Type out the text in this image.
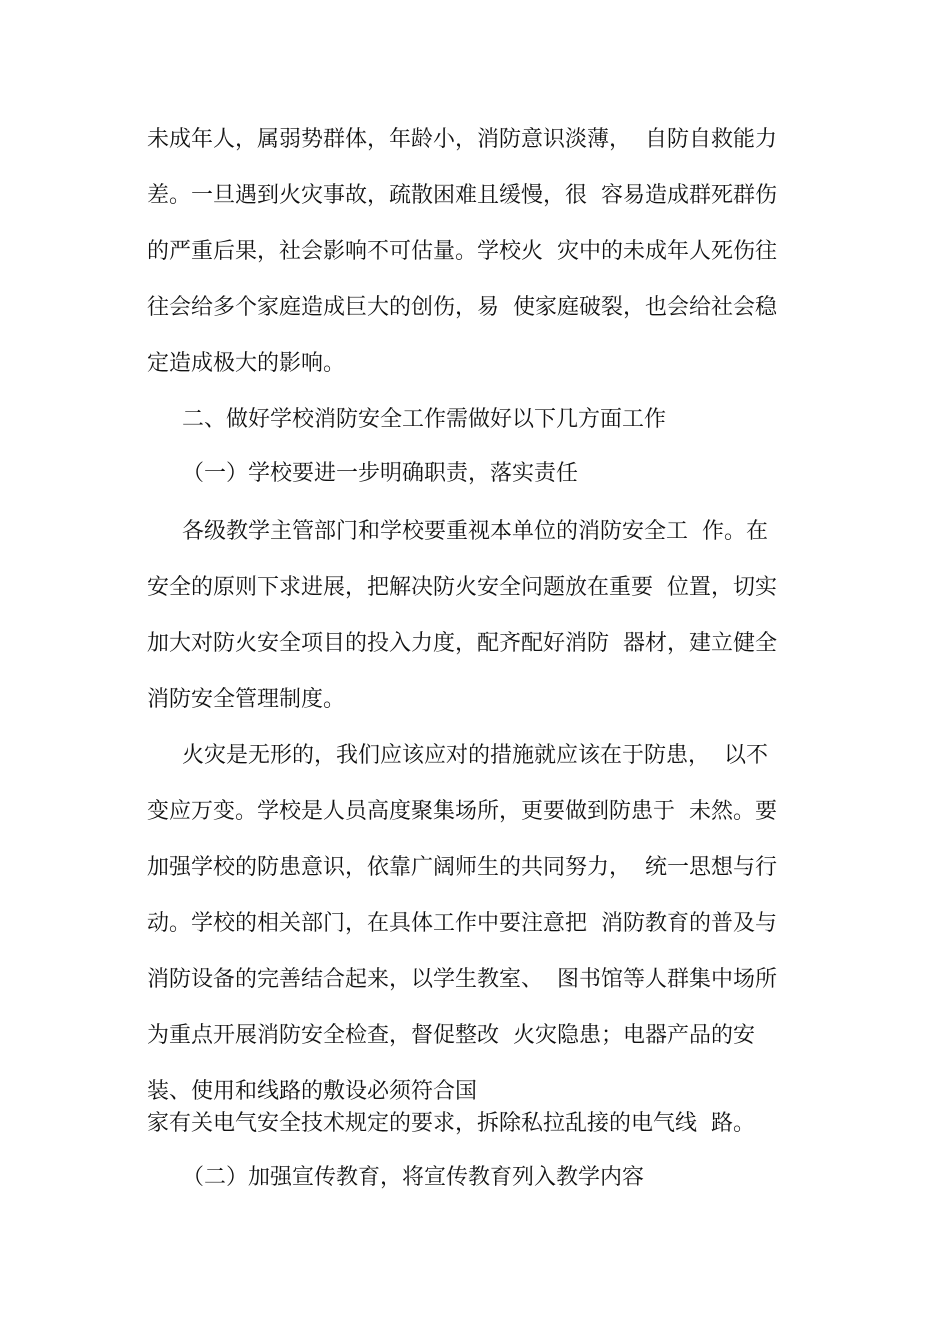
未成年人，属弱势群体，年龄小，消防意识淡薄，  自防自救能力
差。一旦遇到火灾事故，疏散困难且缓慢，很  容易造成群死群伤
的严重后果，社会影响不可估量。学校火  灾中的未成年人死伤往
往会给多个家庭造成巨大的创伤，易  使家庭破裂，也会给社会稳
定造成极大的影响。
二、做好学校消防安全工作需做好以下几方面工作
（一）学校要进一步明确职责，落实责任
各级教学主管部门和学校要重视本单位的消防安全工  作。在
安全的原则下求进展，把解决防火安全问题放在重要  位置，切实
加大对防火安全项目的投入力度，配齐配好消防  器材，建立健全
消防安全管理制度。
火灾是无形的，我们应该应对的措施就应该在于防患，  以不
变应万变。学校是人员高度聚集场所，更要做到防患于  未然。要
加强学校的防患意识，依靠广阔师生的共同努力，  统一思想与行
动。学校的相关部门，在具体工作中要注意把  消防教育的普及与
消防设备的完善结合起来，以学生教室、  图书馆等人群集中场所
为重点开展消防安全检查，督促整改  火灾隐患；电器产品的安
装、使用和线路的敷设必须符合国
家有关电气安全技术规定的要求，拆除私拉乱接的电气线  路。
（二）加强宣传教育，将宣传教育列入教学内容
